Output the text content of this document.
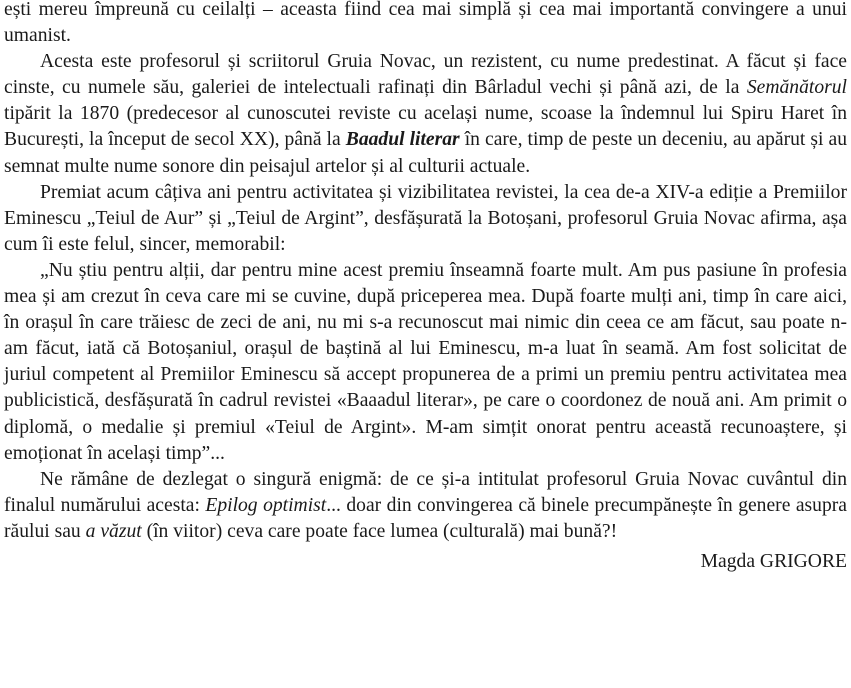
ești mereu împreună cu ceilalți – aceasta fiind cea mai simplă și cea mai importantă convingere a unui umanist.

Acesta este profesorul și scriitorul Gruia Novac, un rezistent, cu nume predestinat. A făcut și face cinste, cu numele său, galeriei de intelectuali rafinați din Bârladul vechi și până azi, de la Semănătorul tipărit la 1870 (predecesor al cunoscutei reviste cu același nume, scoase la îndemnul lui Spiru Haret în București, la început de secol XX), până la Baadul literar în care, timp de peste un deceniu, au apărut și au semnat multe nume sonore din peisajul artelor și al culturii actuale.

Premiat acum câțiva ani pentru activitatea și vizibilitatea revistei, la cea de-a XIV-a ediție a Premiilor Eminescu „Teiul de Aur” și „Teiul de Argint”, desfășurată la Botoșani, profesorul Gruia Novac afirma, așa cum îi este felul, sincer, memorabil:

„Nu știu pentru alții, dar pentru mine acest premiu înseamnă foarte mult. Am pus pasiune în profesia mea și am crezut în ceva care mi se cuvine, după priceperea mea. După foarte mulți ani, timp în care aici, în orașul în care trăiesc de zeci de ani, nu mi s-a recunoscut mai nimic din ceea ce am făcut, sau poate n-am făcut, iată că Botoșaniul, orașul de baștină al lui Eminescu, m-a luat în seamă. Am fost solicitat de juriul competent al Premiilor Eminescu să accept propunerea de a primi un premiu pentru activitatea mea publicistică, desfășurată în cadrul revistei «Baaadul literar», pe care o coordonez de nouă ani. Am primit o diplomă, o medalie și premiul «Teiul de Argint». M-am simțit onorat pentru această recunoaștere, și emoționat în același timp”...

Ne rămâne de dezlegat o singură enigmă: de ce și-a intitulat profesorul Gruia Novac cuvântul din finalul numărului acesta: Epilog optimist... doar din convingerea că binele precumpănește în genere asupra răului sau a văzut (în viitor) ceva care poate face lumea (culturală) mai bună?!

Magda GRIGORE
